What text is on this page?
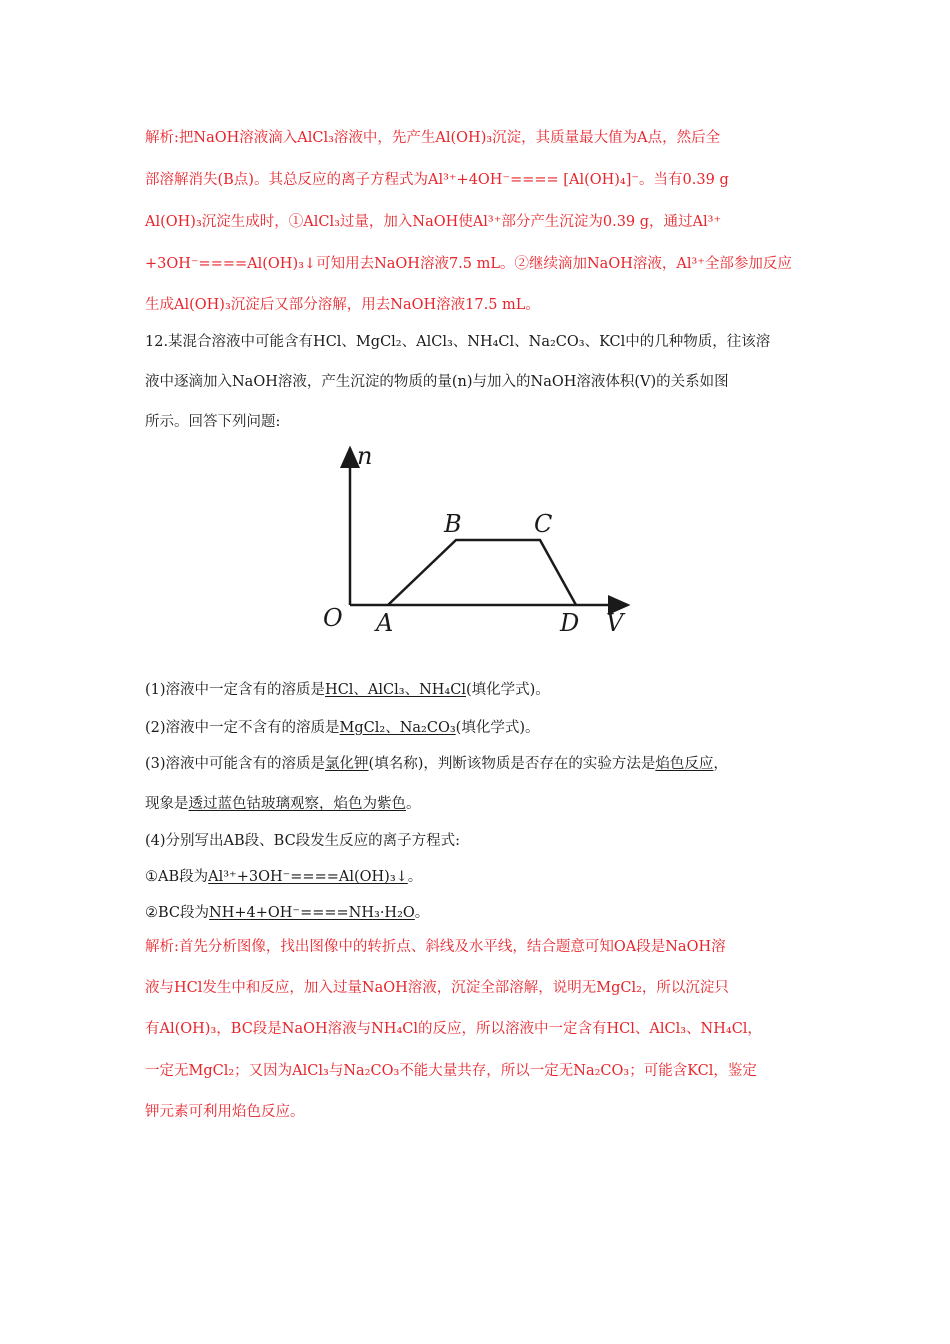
解析:把NaOH溶液滴入AlCl₃溶液中，先产生Al(OH)₃沉淀，其质量最大值为A点，然后全
部溶解消失(B点)。其总反应的离子方程式为Al³⁺+4OH⁻==== [Al(OH)₄]⁻。当有0.39 g
Al(OH)₃沉淀生成时，①AlCl₃过量，加入NaOH使Al³⁺部分产生沉淀为0.39 g，通过Al³⁺
+3OH⁻====Al(OH)₃↓可知用去NaOH溶液7.5 mL。②继续滴加NaOH溶液，Al³⁺全部参加反应
生成Al(OH)₃沉淀后又部分溶解，用去NaOH溶液17.5 mL。
12.某混合溶液中可能含有HCl、MgCl₂、AlCl₃、NH₄Cl、Na₂CO₃、KCl中的几种物质，往该溶
液中逐滴加入NaOH溶液，产生沉淀的物质的量(n)与加入的NaOH溶液体积(V)的关系如图
所示。回答下列问题:
n
O A
B	C
D V
(1)溶液中一定含有的溶质是HCl、AlCl₃、NH₄Cl(填化学式)。
(2)溶液中一定不含有的溶质是MgCl₂、Na₂CO₃(填化学式)。
(3)溶液中可能含有的溶质是氯化钾(填名称)，判断该物质是否存在的实验方法是焰色反应，
现象是透过蓝色钴玻璃观察，焰色为紫色。
(4)分别写出AB段、BC段发生反应的离子方程式:
①AB段为Al³⁺+3OH⁻====Al(OH)₃↓。
②BC段为NH+4+OH⁻====NH₃·H₂O。
解析:首先分析图像，找出图像中的转折点、斜线及水平线，结合题意可知OA段是NaOH溶
液与HCl发生中和反应，加入过量NaOH溶液，沉淀全部溶解，说明无MgCl₂，所以沉淀只
有Al(OH)₃，BC段是NaOH溶液与NH₄Cl的反应，所以溶液中一定含有HCl、AlCl₃、NH₄Cl，
一定无MgCl₂；又因为AlCl₃与Na₂CO₃不能大量共存，所以一定无Na₂CO₃；可能含KCl，鉴定
钾元素可利用焰色反应。
